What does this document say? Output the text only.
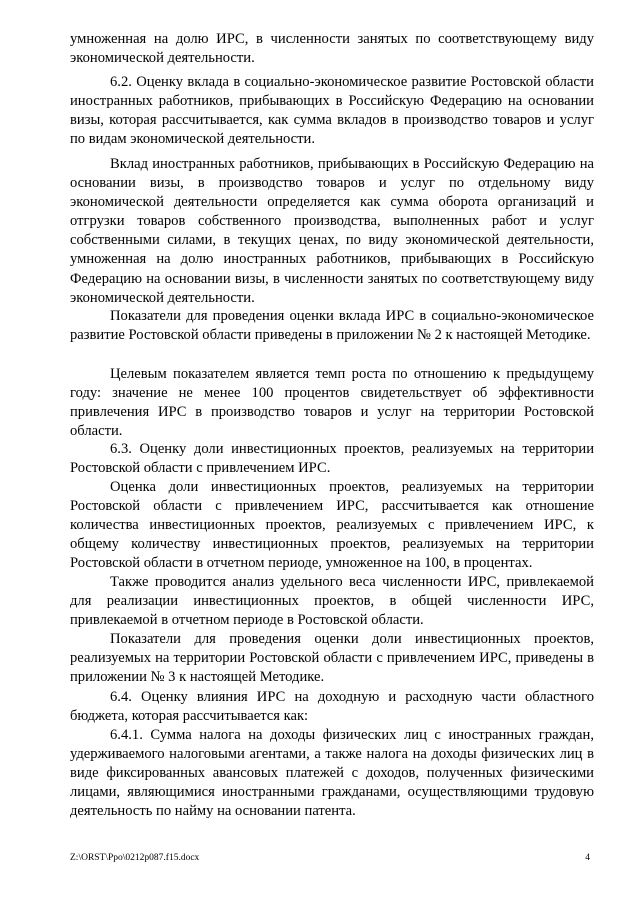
умноженная на долю ИРС, в численности занятых по соответствующему виду экономической деятельности.

6.2. Оценку вклада в социально-экономическое развитие Ростовской области иностранных работников, прибывающих в Российскую Федерацию на основании визы, которая рассчитывается, как сумма вкладов в производство товаров и услуг по видам экономической деятельности.

Вклад иностранных работников, прибывающих в Российскую Федерацию на основании визы, в производство товаров и услуг по отдельному виду экономической деятельности определяется как сумма оборота организаций и отгрузки товаров собственного производства, выполненных работ и услуг собственными силами, в текущих ценах, по виду экономической деятельности, умноженная на долю иностранных работников, прибывающих в Российскую Федерацию на основании визы, в численности занятых по соответствующему виду экономической деятельности.

Показатели для проведения оценки вклада ИРС в социально-экономическое развитие Ростовской области приведены в приложении № 2 к настоящей Методике.

Целевым показателем является темп роста по отношению к предыдущему году: значение не менее 100 процентов свидетельствует об эффективности привлечения ИРС в производство товаров и услуг на территории Ростовской области.

6.3. Оценку доли инвестиционных проектов, реализуемых на территории Ростовской области с привлечением ИРС.

Оценка доли инвестиционных проектов, реализуемых на территории Ростовской области с привлечением ИРС, рассчитывается как отношение количества инвестиционных проектов, реализуемых с привлечением ИРС, к общему количеству инвестиционных проектов, реализуемых на территории Ростовской области в отчетном периоде, умноженное на 100, в процентах.

Также проводится анализ удельного веса численности ИРС, привлекаемой для реализации инвестиционных проектов, в общей численности ИРС, привлекаемой в отчетном периоде в Ростовской области.

Показатели для проведения оценки доли инвестиционных проектов, реализуемых на территории Ростовской области с привлечением ИРС, приведены в приложении № 3 к настоящей Методике.

6.4. Оценку влияния ИРС на доходную и расходную части областного бюджета, которая рассчитывается как:

6.4.1. Сумма налога на доходы физических лиц с иностранных граждан, удерживаемого налоговыми агентами, а также налога на доходы физических лиц в виде фиксированных авансовых платежей с доходов, полученных физическими лицами, являющимися иностранными гражданами, осуществляющими трудовую деятельность по найму на основании патента.

Z:\ORST\Ppo\0212p087.f15.docx	4
